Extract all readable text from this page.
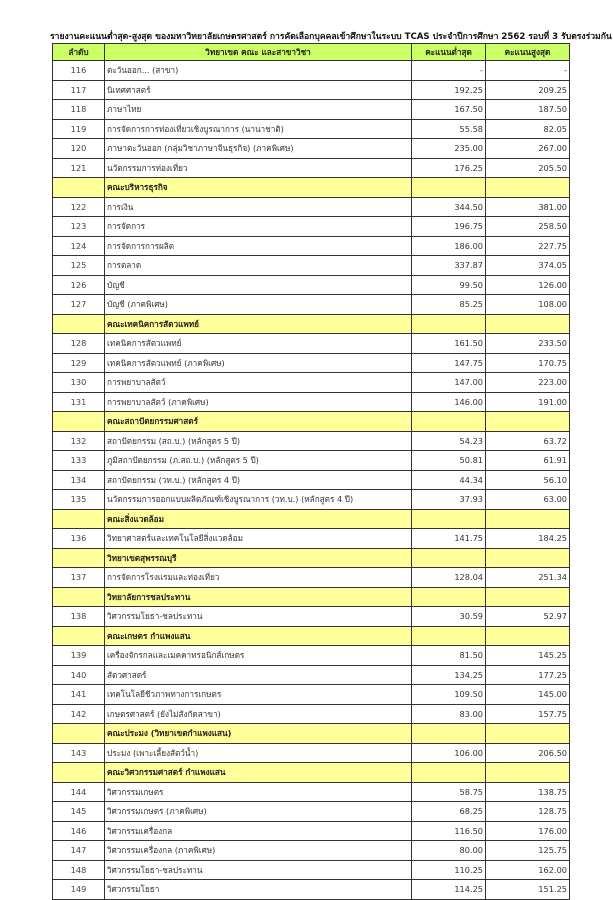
รายงานคะแนนต่ำสุด-สูงสุด ของมหาวิทยาลัยเกษตรศาสตร์ การคัดเลือกบุคคลเข้าศึกษาในระบบ TCAS ประจำปีการศึกษา 2562 รอบที่ 3 รับตรงร่วมกัน
ลำดับ	วิทยาเขต คณะ และสาขาวิชา	คะแนนต่ำสุด	คะแนนสูงสุด
116	ตะวันออก... (สาขา)	-	-
117	นิเทศศาสตร์	192.25	209.25
118	ภาษาไทย	167.50	187.50
119	การจัดการการท่องเที่ยวเชิงบูรณาการ (นานาชาติ)	55.58	82.05
120	ภาษาตะวันออก (กลุ่มวิชาภาษาจีนธุรกิจ) (ภาคพิเศษ)	235.00	267.00
121	นวัตกรรมการท่องเที่ยว	176.25	205.50
	คณะบริหารธุรกิจ		
122	การเงิน	344.50	381.00
123	การจัดการ	196.75	258.50
124	การจัดการการผลิต	186.00	227.75
125	การตลาด	337.87	374.05
126	บัญชี	99.50	126.00
127	บัญชี (ภาคพิเศษ)	85.25	108.00
	คณะเทคนิคการสัตวแพทย์		
128	เทคนิคการสัตวแพทย์	161.50	233.50
129	เทคนิคการสัตวแพทย์ (ภาคพิเศษ)	147.75	170.75
130	การพยาบาลสัตว์	147.00	223.00
131	การพยาบาลสัตว์ (ภาคพิเศษ)	146.00	191.00
	คณะสถาปัตยกรรมศาสตร์		
132	สถาปัตยกรรม (สถ.บ.) (หลักสูตร 5 ปี)	54.23	63.72
133	ภูมิสถาปัตยกรรม (ภ.สถ.บ.) (หลักสูตร 5 ปี)	50.81	61.91
134	สถาปัตยกรรม (วท.บ.) (หลักสูตร 4 ปี)	44.34	56.10
135	นวัตกรรมการออกแบบผลิตภัณฑ์เชิงบูรณาการ (วท.บ.) (หลักสูตร 4 ปี)	37.93	63.00
	คณะสิ่งแวดล้อม		
136	วิทยาศาสตร์และเทคโนโลยีสิ่งแวดล้อม	141.75	184.25
	วิทยาเขตสุพรรณบุรี		
137	การจัดการโรงแรมและท่องเที่ยว	128.04	251.34
	วิทยาลัยการชลประทาน		
138	วิศวกรรมโยธา-ชลประทาน	30.59	52.97
	คณะเกษตร กำแพงแสน		
139	เครื่องจักรกลและเมคคาทรอนิกส์เกษตร	81.50	145.25
140	สัตวศาสตร์	134.25	177.25
141	เทคโนโลยีชีวภาพทางการเกษตร	109.50	145.00
142	เกษตรศาสตร์ (ยังไม่สังกัดสาขา)	83.00	157.75
	คณะประมง (วิทยาเขตกำแพงแสน)		
143	ประมง (เพาะเลี้ยงสัตว์น้ำ)	106.00	206.50
	คณะวิศวกรรมศาสตร์ กำแพงแสน		
144	วิศวกรรมเกษตร	58.75	138.75
145	วิศวกรรมเกษตร (ภาคพิเศษ)	68.25	128.75
146	วิศวกรรมเครื่องกล	116.50	176.00
147	วิศวกรรมเครื่องกล (ภาคพิเศษ)	80.00	125.75
148	วิศวกรรมโยธา-ชลประทาน	110.25	162.00
149	วิศวกรรมโยธา	114.25	151.25
